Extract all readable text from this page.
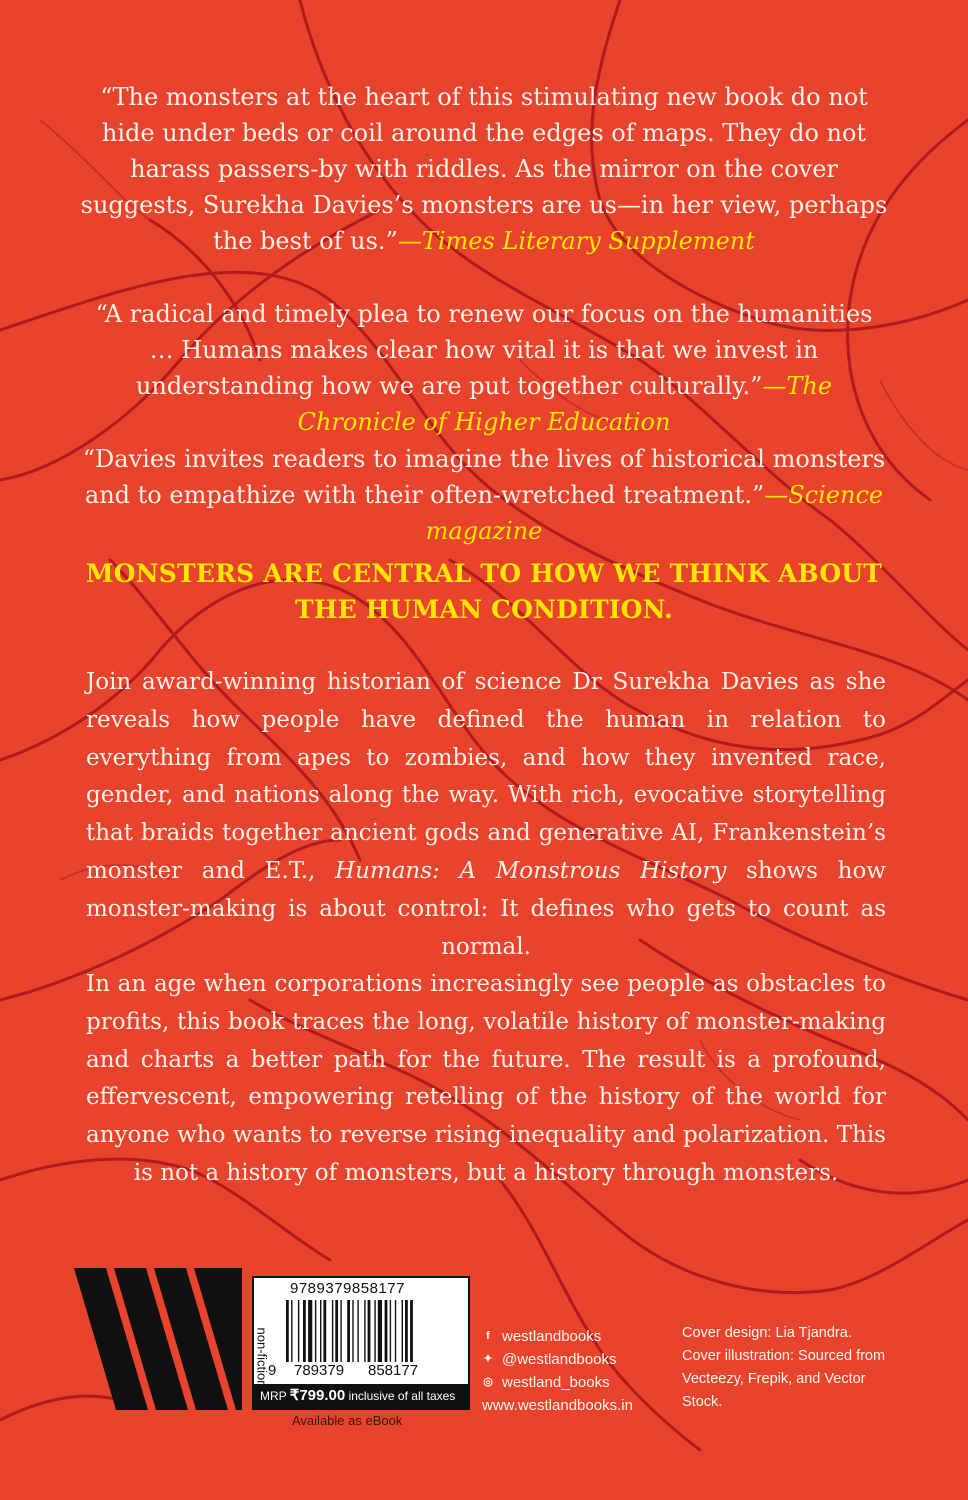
“The monsters at the heart of this stimulating new book do not hide under beds or coil around the edges of maps. They do not harass passers-by with riddles. As the mirror on the cover suggests, Surekha Davies’s monsters are us—in her view, perhaps the best of us.”—Times Literary Supplement
“A radical and timely plea to renew our focus on the humanities … Humans makes clear how vital it is that we invest in understanding how we are put together culturally.”—The Chronicle of Higher Education
“Davies invites readers to imagine the lives of historical monsters and to empathize with their often-wretched treatment.”—Science magazine
MONSTERS ARE CENTRAL TO HOW WE THINK ABOUT THE HUMAN CONDITION.
Join award-winning historian of science Dr Surekha Davies as she reveals how people have defined the human in relation to everything from apes to zombies, and how they invented race, gender, and nations along the way. With rich, evocative storytelling that braids together ancient gods and generative AI, Frankenstein’s monster and E.T., Humans: A Monstrous History shows how monster-making is about control: It defines who gets to count as normal.
In an age when corporations increasingly see people as obstacles to profits, this book traces the long, volatile history of monster-making and charts a better path for the future. The result is a profound, effervescent, empowering retelling of the history of the world for anyone who wants to reverse rising inequality and polarization. This is not a history of monsters, but a history through monsters.
9789379858177
9 789379 858177
MRP ₹799.00 inclusive of all taxes
non-fiction
Available as eBook
f westlandbooks
✦ @westlandbooks
◎ westland_books
www.westlandbooks.in
Cover design: Lia Tjandra.
Cover illustration: Sourced from Vecteezy, Frepik, and Vector Stock.
